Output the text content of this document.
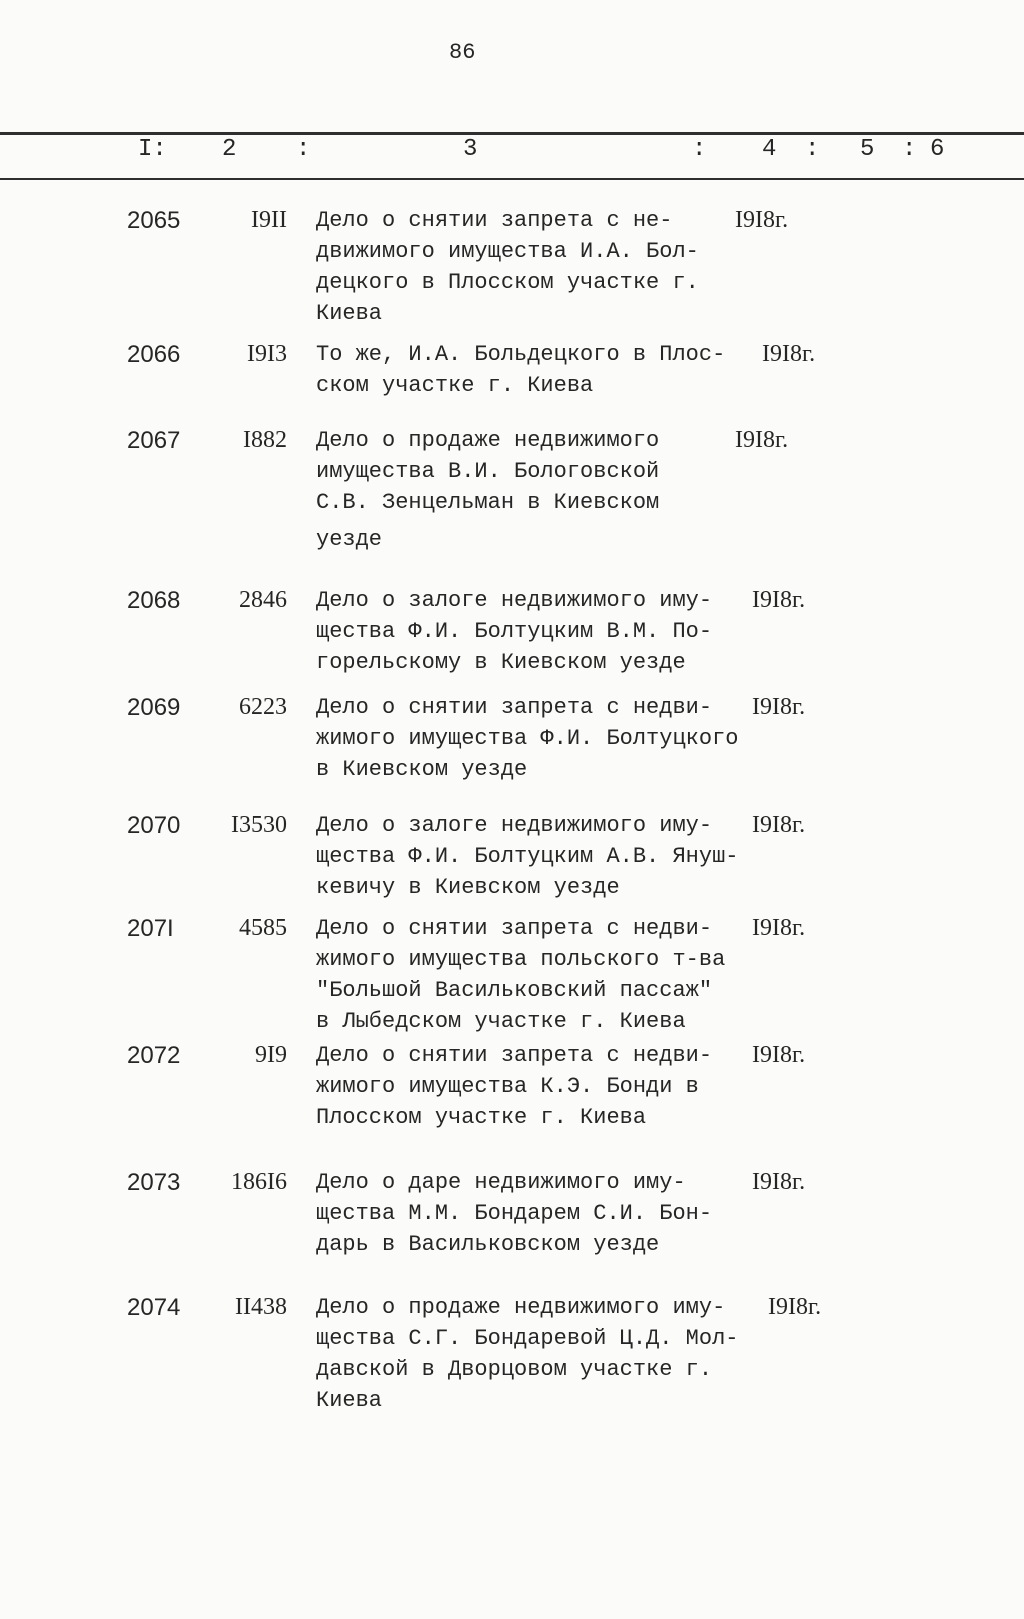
86
I: 2 :	3	: 4 : 5 : 6
2065	I9II Дело о снятии запрета с не-
движимого имущества И.А. Бол-
децкого в Плосском участке г.
Киева
I9I8г.
2066	I9I3 То же, И.А. Больдецкого в Плос-
ском участке г. Киева
I9I8г.
2067	I882 Дело о продаже недвижимого
имущества В.И. Бологовской
С.В. Зенцельман в Киевском
уезде
I9I8г.
2068	2846 Дело о залоге недвижимого иму-
щества Ф.И. Болтуцким В.М. По-
горельскому в Киевском уезде
I9I8г.
2069	6223 Дело о снятии запрета с недви-
жимого имущества Ф.И. Болтуцкого
в Киевском уезде
I9I8г.
2070	I3530 Дело о залоге недвижимого иму-
щества Ф.И. Болтуцким А.В. Януш-
кевичу в Киевском уезде
I9I8г.
207I	4585 Дело о снятии запрета с недви-
жимого имущества польского т-ва
"Большой Васильковский пассаж"
в Лыбедском участке г. Киева
I9I8г.
2072	9I9 Дело о снятии запрета с недви-
жимого имущества К.Э. Бонди в
Плосском участке г. Киева
I9I8г.
2073	186I6 Дело о даре недвижимого иму-
щества М.М. Бондарем С.И. Бон-
дарь в Васильковском уезде
I9I8г.
2074	II438 Дело о продаже недвижимого иму-
щества С.Г. Бондаревой Ц.Д. Мол-
давской в Дворцовом участке г.
Киева
I9I8г.
